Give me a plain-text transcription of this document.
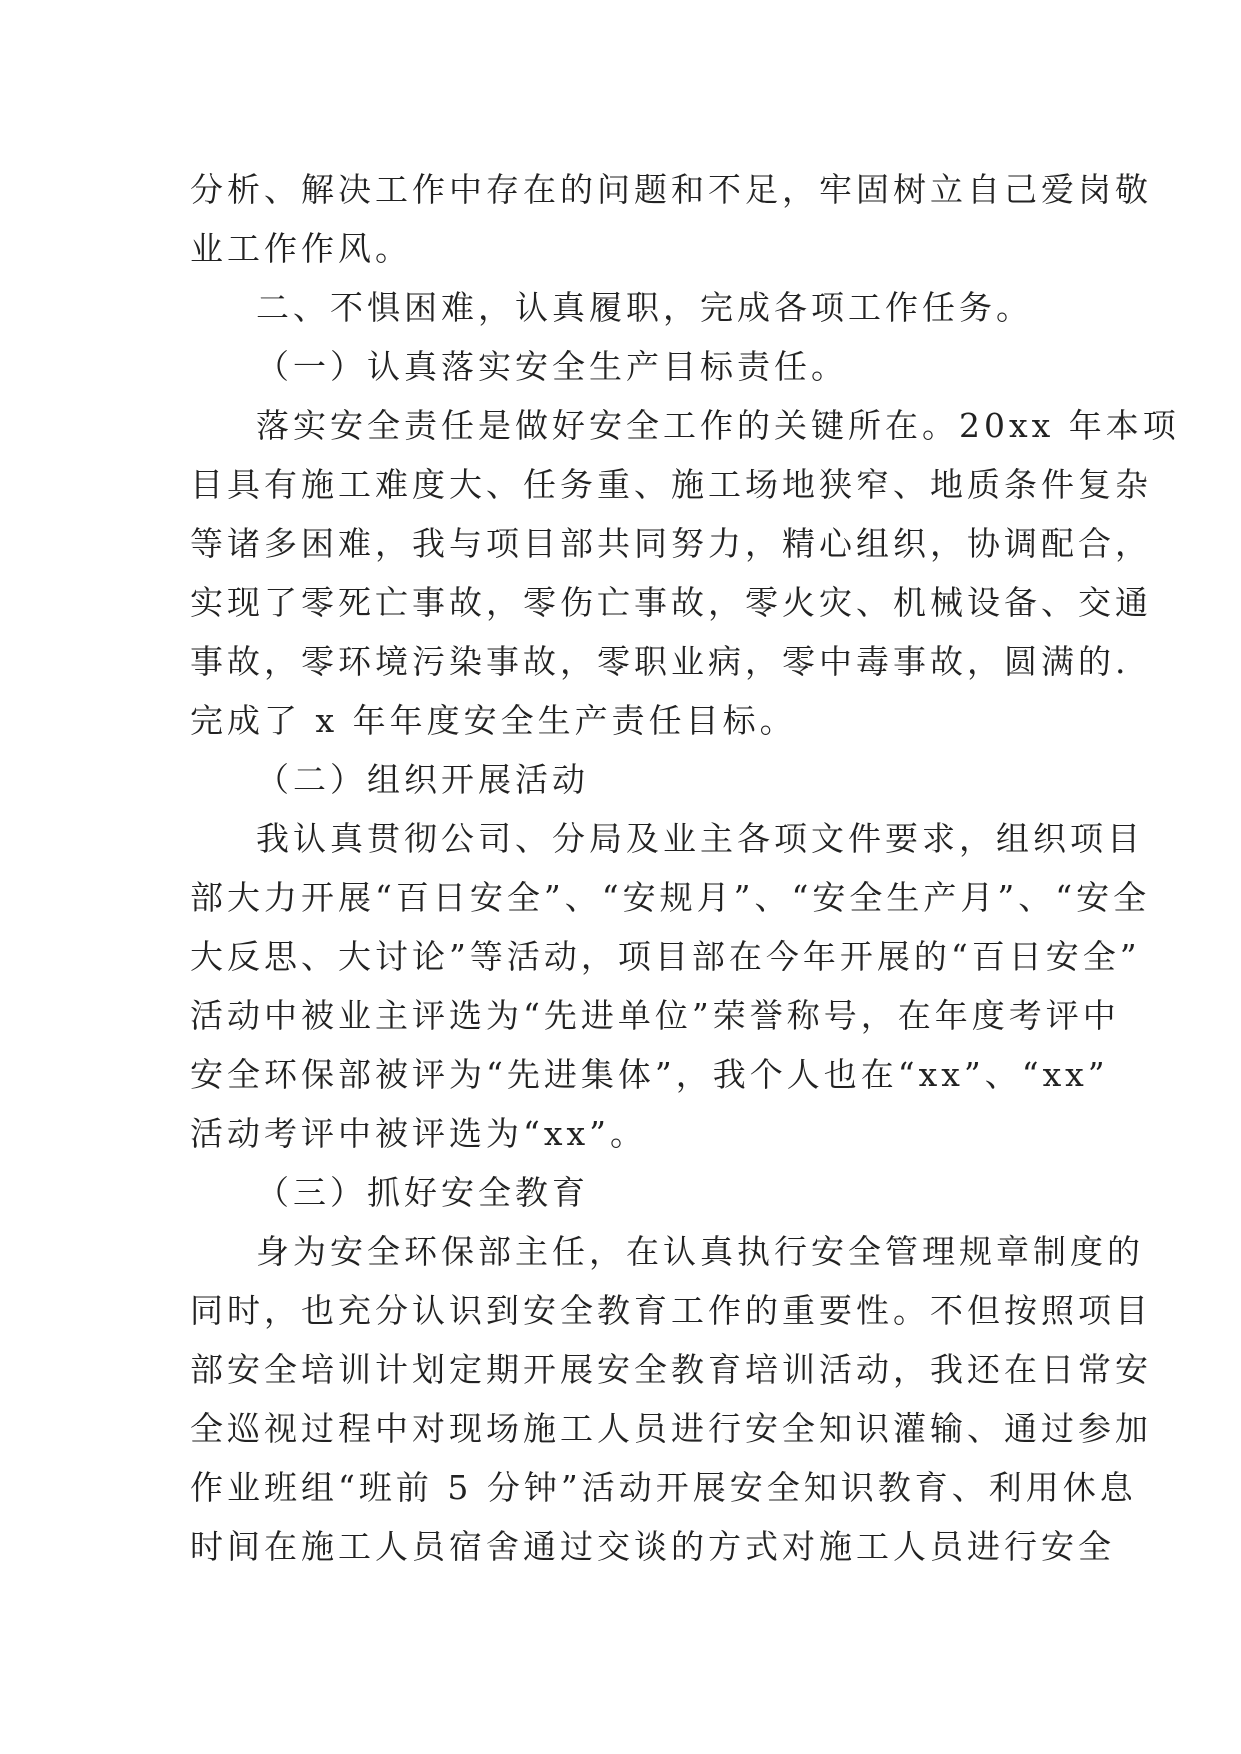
分析、解决工作中存在的问题和不足，牢固树立自己爱岗敬
业工作作风。
二、不惧困难，认真履职，完成各项工作任务。
（一）认真落实安全生产目标责任。
落实安全责任是做好安全工作的关键所在。20xx 年本项
目具有施工难度大、任务重、施工场地狭窄、地质条件复杂
等诸多困难，我与项目部共同努力，精心组织，协调配合，
实现了零死亡事故，零伤亡事故，零火灾、机械设备、交通
事故，零环境污染事故，零职业病，零中毒事故，圆满的.
完成了 x 年年度安全生产责任目标。
（二）组织开展活动
我认真贯彻公司、分局及业主各项文件要求，组织项目
部大力开展“百日安全”、“安规月”、“安全生产月”、“安全
大反思、大讨论”等活动，项目部在今年开展的“百日安全”
活动中被业主评选为“先进单位”荣誉称号，在年度考评中
安全环保部被评为“先进集体”，我个人也在“xx”、“xx”
活动考评中被评选为“xx”。
（三）抓好安全教育
身为安全环保部主任，在认真执行安全管理规章制度的
同时，也充分认识到安全教育工作的重要性。不但按照项目
部安全培训计划定期开展安全教育培训活动，我还在日常安
全巡视过程中对现场施工人员进行安全知识灌输、通过参加
作业班组“班前 5 分钟”活动开展安全知识教育、利用休息
时间在施工人员宿舍通过交谈的方式对施工人员进行安全
